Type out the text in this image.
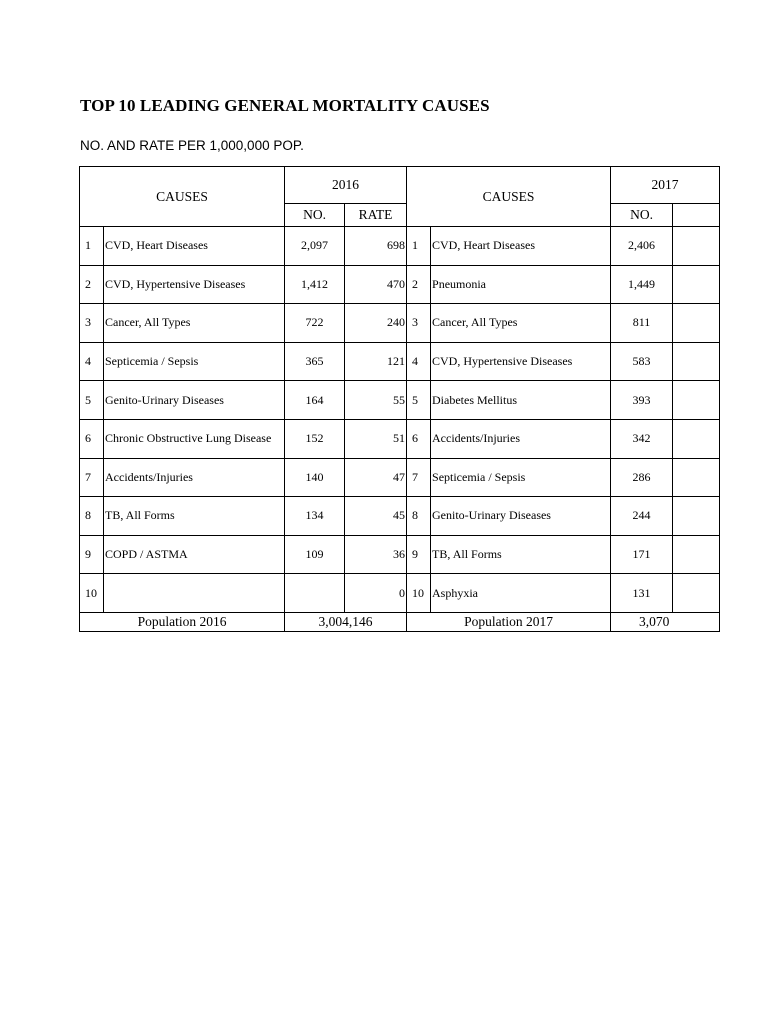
TOP 10 LEADING GENERAL MORTALITY CAUSES
NO. AND RATE PER 1,000,000 POP.
CAUSES		2016		CAUSES		2017	
		NO.	RATE			NO.	
1	CVD, Heart Diseases	2,097	698	1	CVD, Heart Diseases	2,406	
2	CVD, Hypertensive Diseases	1,412	470	2	Pneumonia	1,449	
3	Cancer, All Types	722	240	3	Cancer, All Types	811	
4	Septicemia / Sepsis	365	121	4	CVD, Hypertensive Diseases	583	
5	Genito-Urinary Diseases	164	55	5	Diabetes Mellitus	393	
6	Chronic Obstructive Lung Disease	152	51	6	Accidents/Injuries	342	
7	Accidents/Injuries	140	47	7	Septicemia / Sepsis	286	
8	TB, All Forms	134	45	8	Genito-Urinary Diseases	244	
9	COPD / ASTMA	109	36	9	TB, All Forms	171	
10			0	10	Asphyxia	131	
Population 2016		3,004,146		Population 2017		3,070	
